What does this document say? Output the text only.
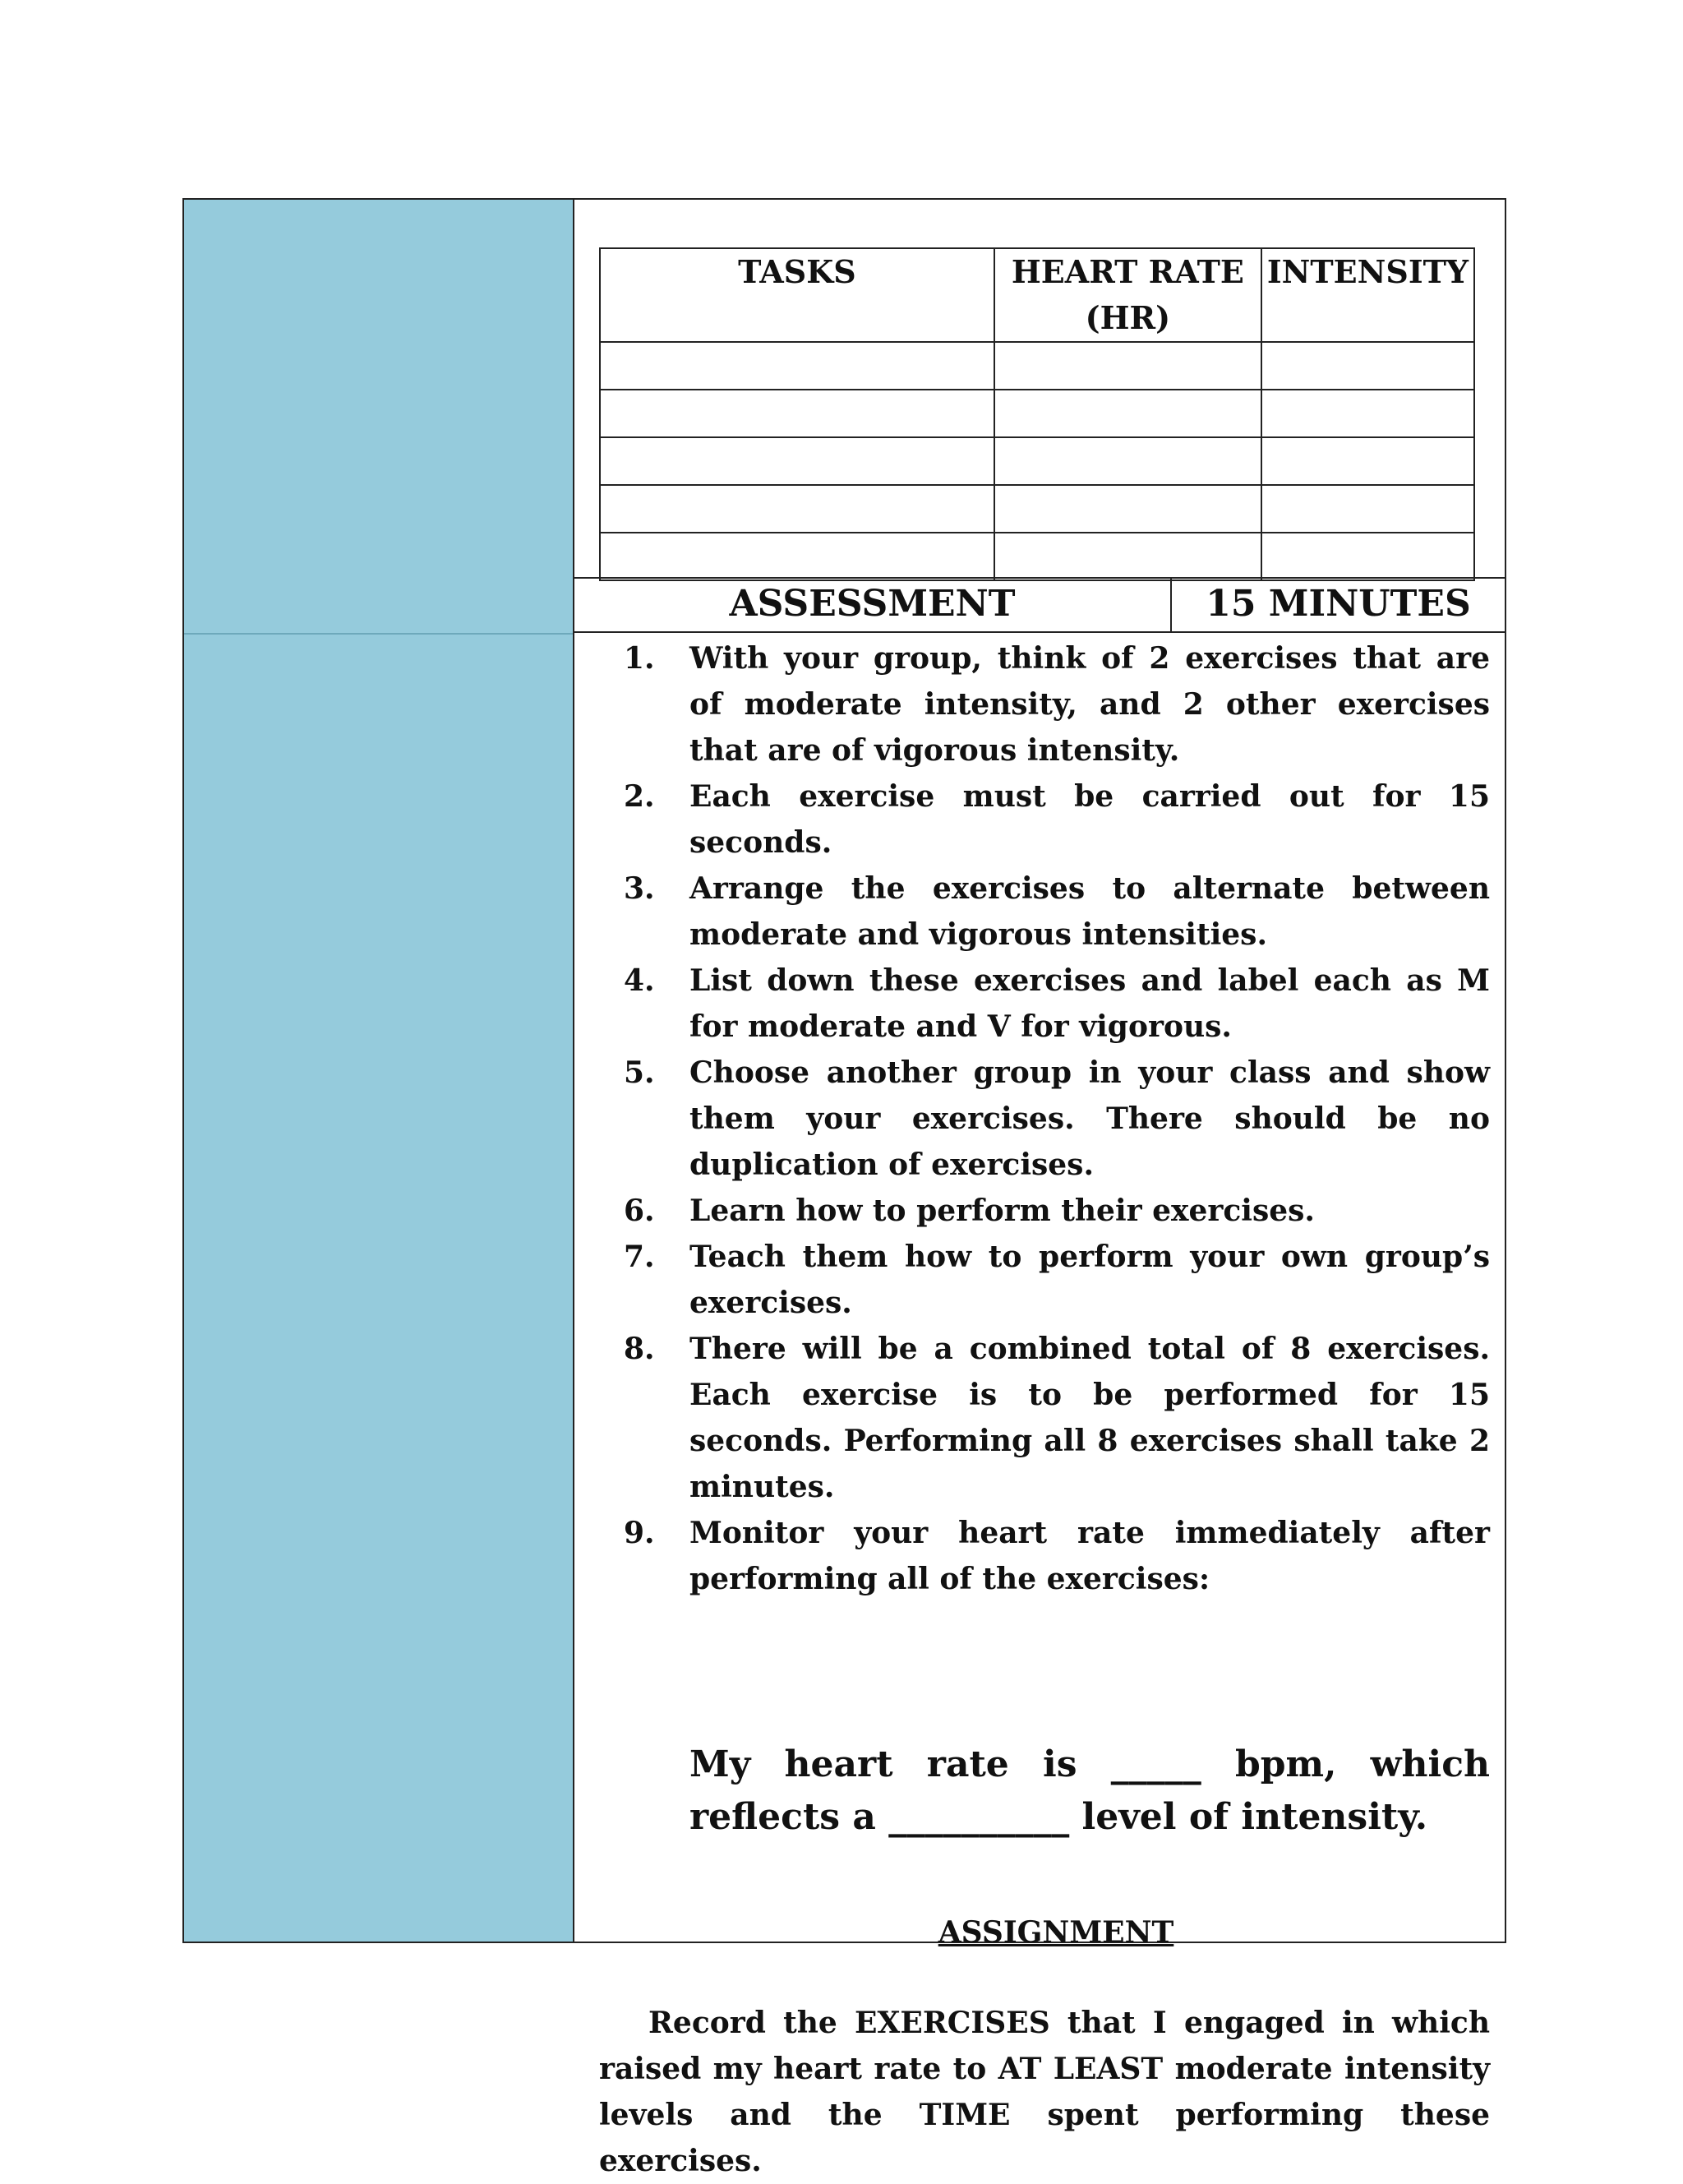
TASKS	HEART RATE (HR)	INTENSITY

ASSESSMENT	15 MINUTES
1.	With your group, think of 2 exercises that are of moderate intensity, and 2 other exercises that are of vigorous intensity.
2.	Each exercise must be carried out for 15 seconds.
3.	Arrange the exercises to alternate between moderate and vigorous intensities.
4.	List down these exercises and label each as M for moderate and V for vigorous.
5.	Choose another group in your class and show them your exercises. There should be no duplication of exercises.
6.	Learn how to perform their exercises.
7.	Teach them how to perform your own group’s exercises.
8.	There will be a combined total of 8 exercises. Each exercise is to be performed for 15 seconds. Performing all 8 exercises shall take 2 minutes.
9.	Monitor your heart rate immediately after performing all of the exercises:
My heart rate is _____ bpm, which reflects a __________ level of intensity.
ASSIGNMENT
Record the EXERCISES that I engaged in which raised my heart rate to AT LEAST moderate intensity levels and the TIME spent performing these exercises.
